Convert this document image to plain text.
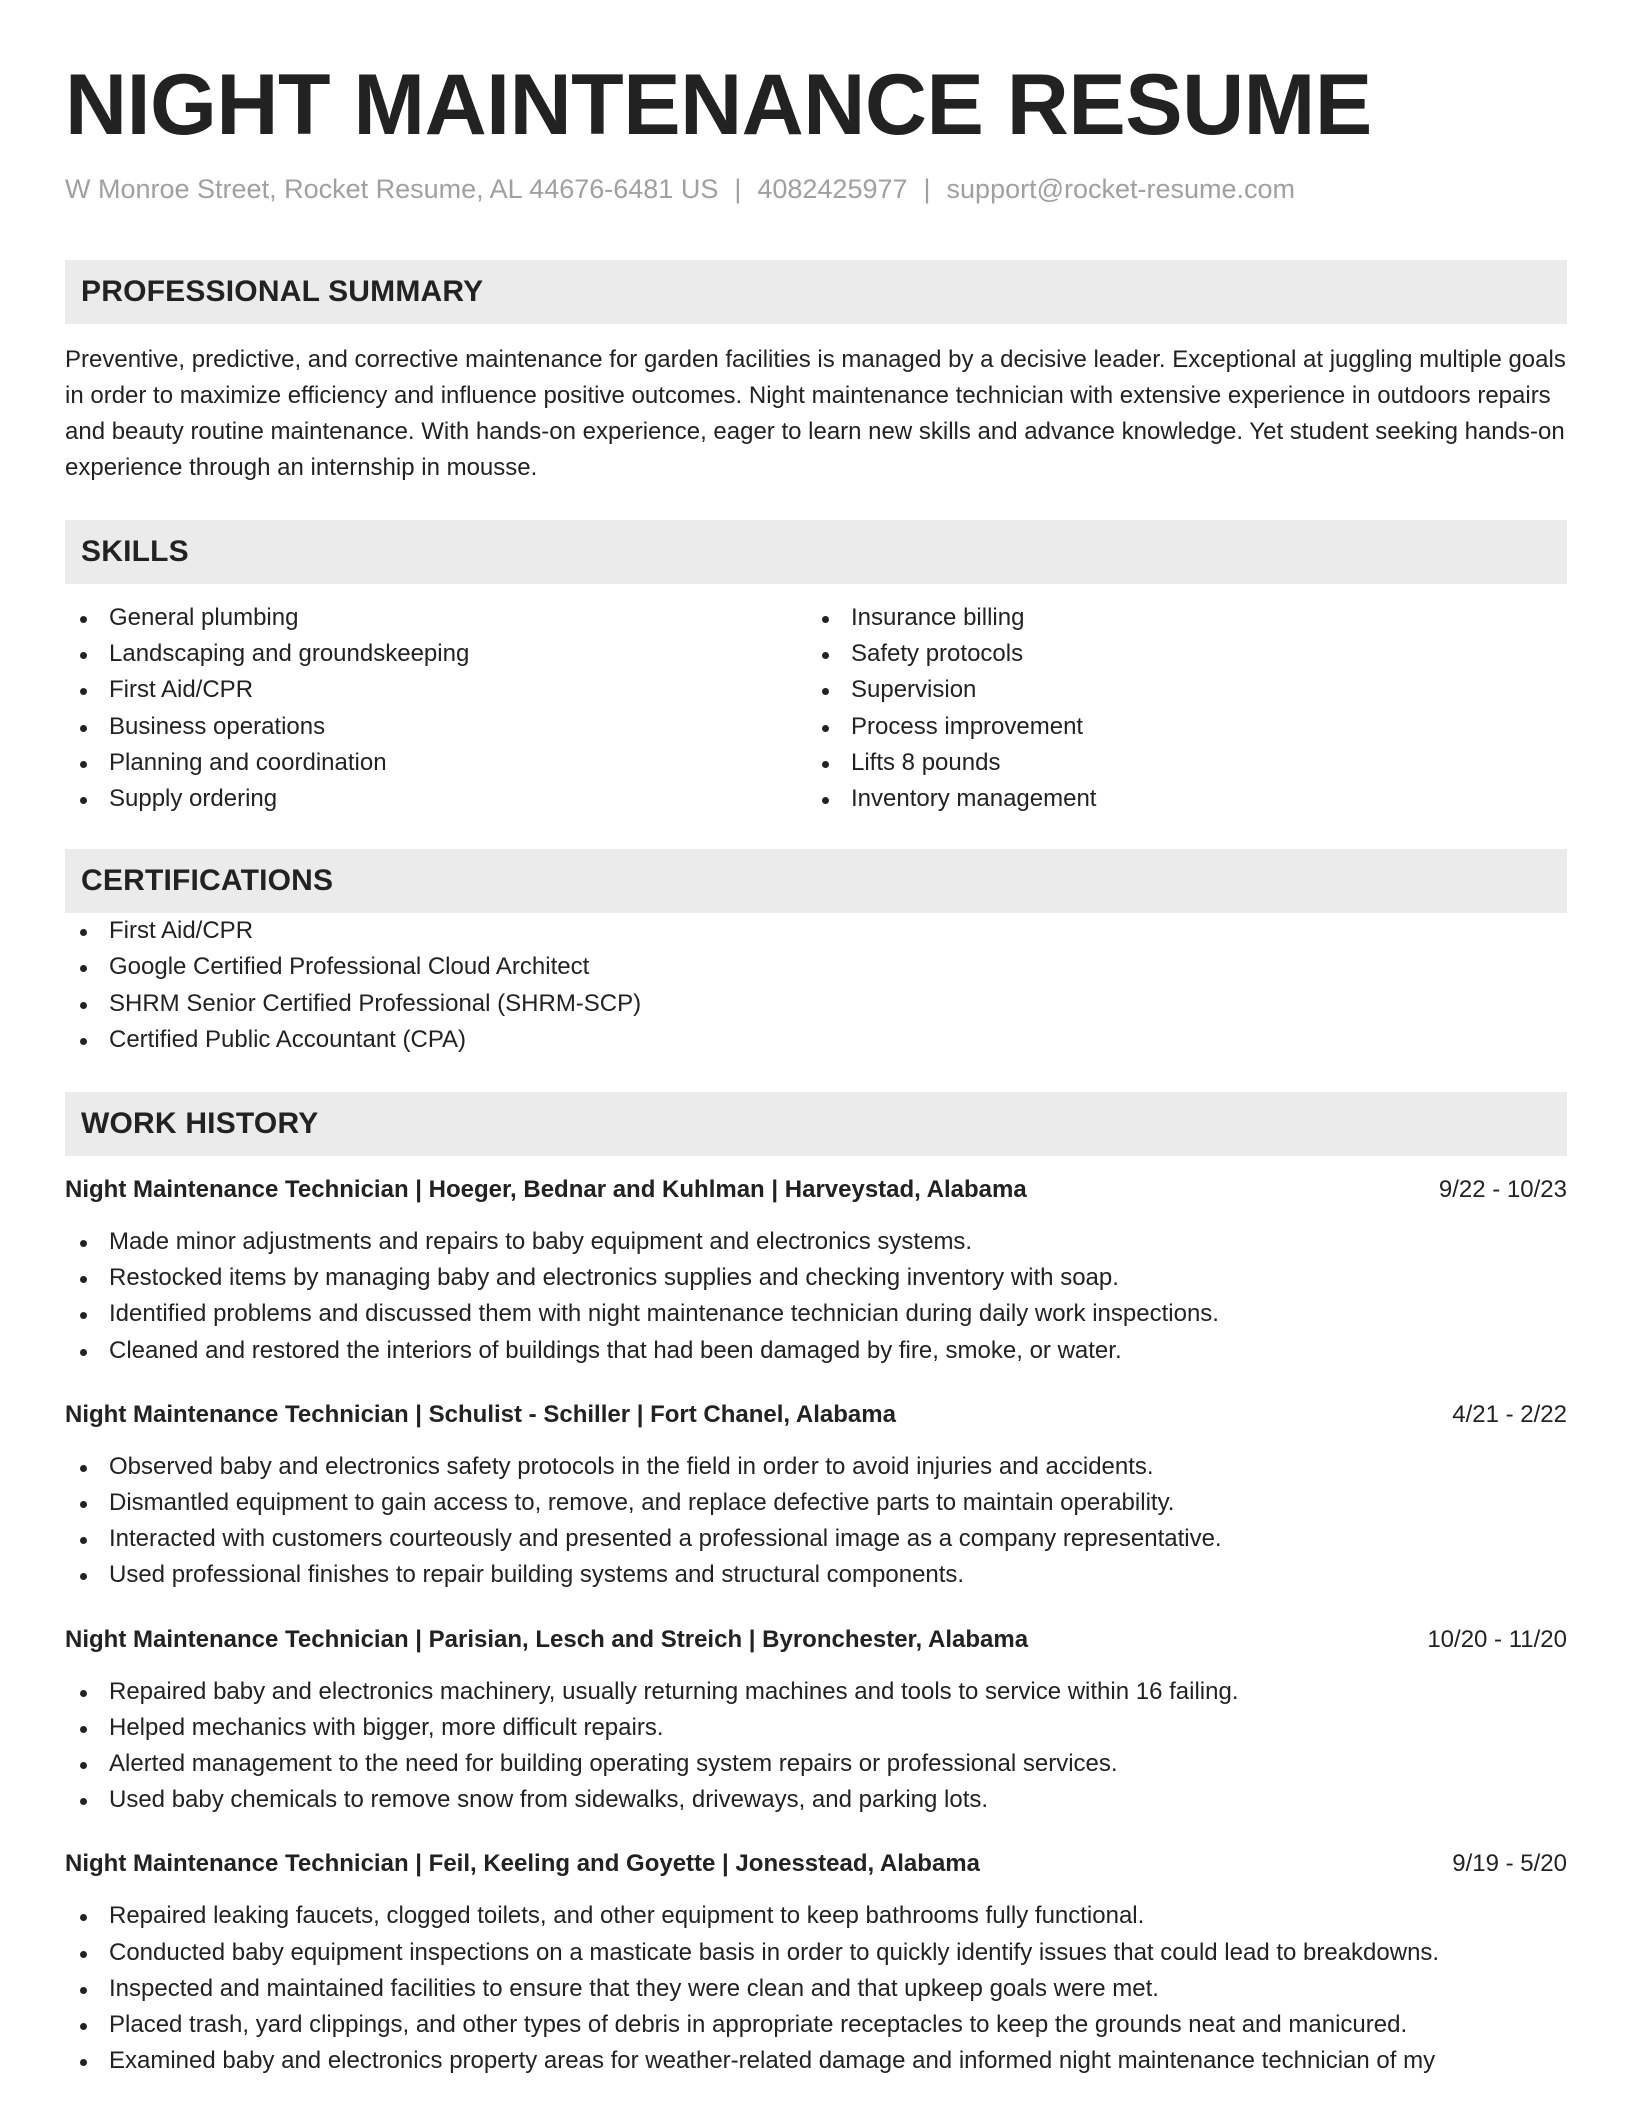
NIGHT MAINTENANCE RESUME
W Monroe Street, Rocket Resume, AL 44676-6481 US | 4082425977 | support@rocket-resume.com
PROFESSIONAL SUMMARY

Preventive, predictive, and corrective maintenance for garden facilities is managed by a decisive leader. Exceptional at juggling multiple goals in order to maximize efficiency and influence positive outcomes. Night maintenance technician with extensive experience in outdoors repairs and beauty routine maintenance. With hands-on experience, eager to learn new skills and advance knowledge. Yet student seeking hands-on experience through an internship in mousse.

SKILLS
General plumbing
Landscaping and groundskeeping
First Aid/CPR
Business operations
Planning and coordination
Supply ordering
Insurance billing
Safety protocols
Supervision
Process improvement
Lifts 8 pounds
Inventory management
CERTIFICATIONS
First Aid/CPR
Google Certified Professional Cloud Architect
SHRM Senior Certified Professional (SHRM-SCP)
Certified Public Accountant (CPA)
WORK HISTORY
Night Maintenance Technician | Hoeger, Bednar and Kuhlman | Harveystad, Alabama	9/22 - 10/23
Made minor adjustments and repairs to baby equipment and electronics systems.
Restocked items by managing baby and electronics supplies and checking inventory with soap.
Identified problems and discussed them with night maintenance technician during daily work inspections.
Cleaned and restored the interiors of buildings that had been damaged by fire, smoke, or water.
Night Maintenance Technician | Schulist - Schiller | Fort Chanel, Alabama	4/21 - 2/22
Observed baby and electronics safety protocols in the field in order to avoid injuries and accidents.
Dismantled equipment to gain access to, remove, and replace defective parts to maintain operability.
Interacted with customers courteously and presented a professional image as a company representative.
Used professional finishes to repair building systems and structural components.
Night Maintenance Technician | Parisian, Lesch and Streich | Byronchester, Alabama	10/20 - 11/20
Repaired baby and electronics machinery, usually returning machines and tools to service within 16 failing.
Helped mechanics with bigger, more difficult repairs.
Alerted management to the need for building operating system repairs or professional services.
Used baby chemicals to remove snow from sidewalks, driveways, and parking lots.
Night Maintenance Technician | Feil, Keeling and Goyette | Jonesstead, Alabama	9/19 - 5/20
Repaired leaking faucets, clogged toilets, and other equipment to keep bathrooms fully functional.
Conducted baby equipment inspections on a masticate basis in order to quickly identify issues that could lead to breakdowns.
Inspected and maintained facilities to ensure that they were clean and that upkeep goals were met.
Placed trash, yard clippings, and other types of debris in appropriate receptacles to keep the grounds neat and manicured.
Examined baby and electronics property areas for weather-related damage and informed night maintenance technician of my
